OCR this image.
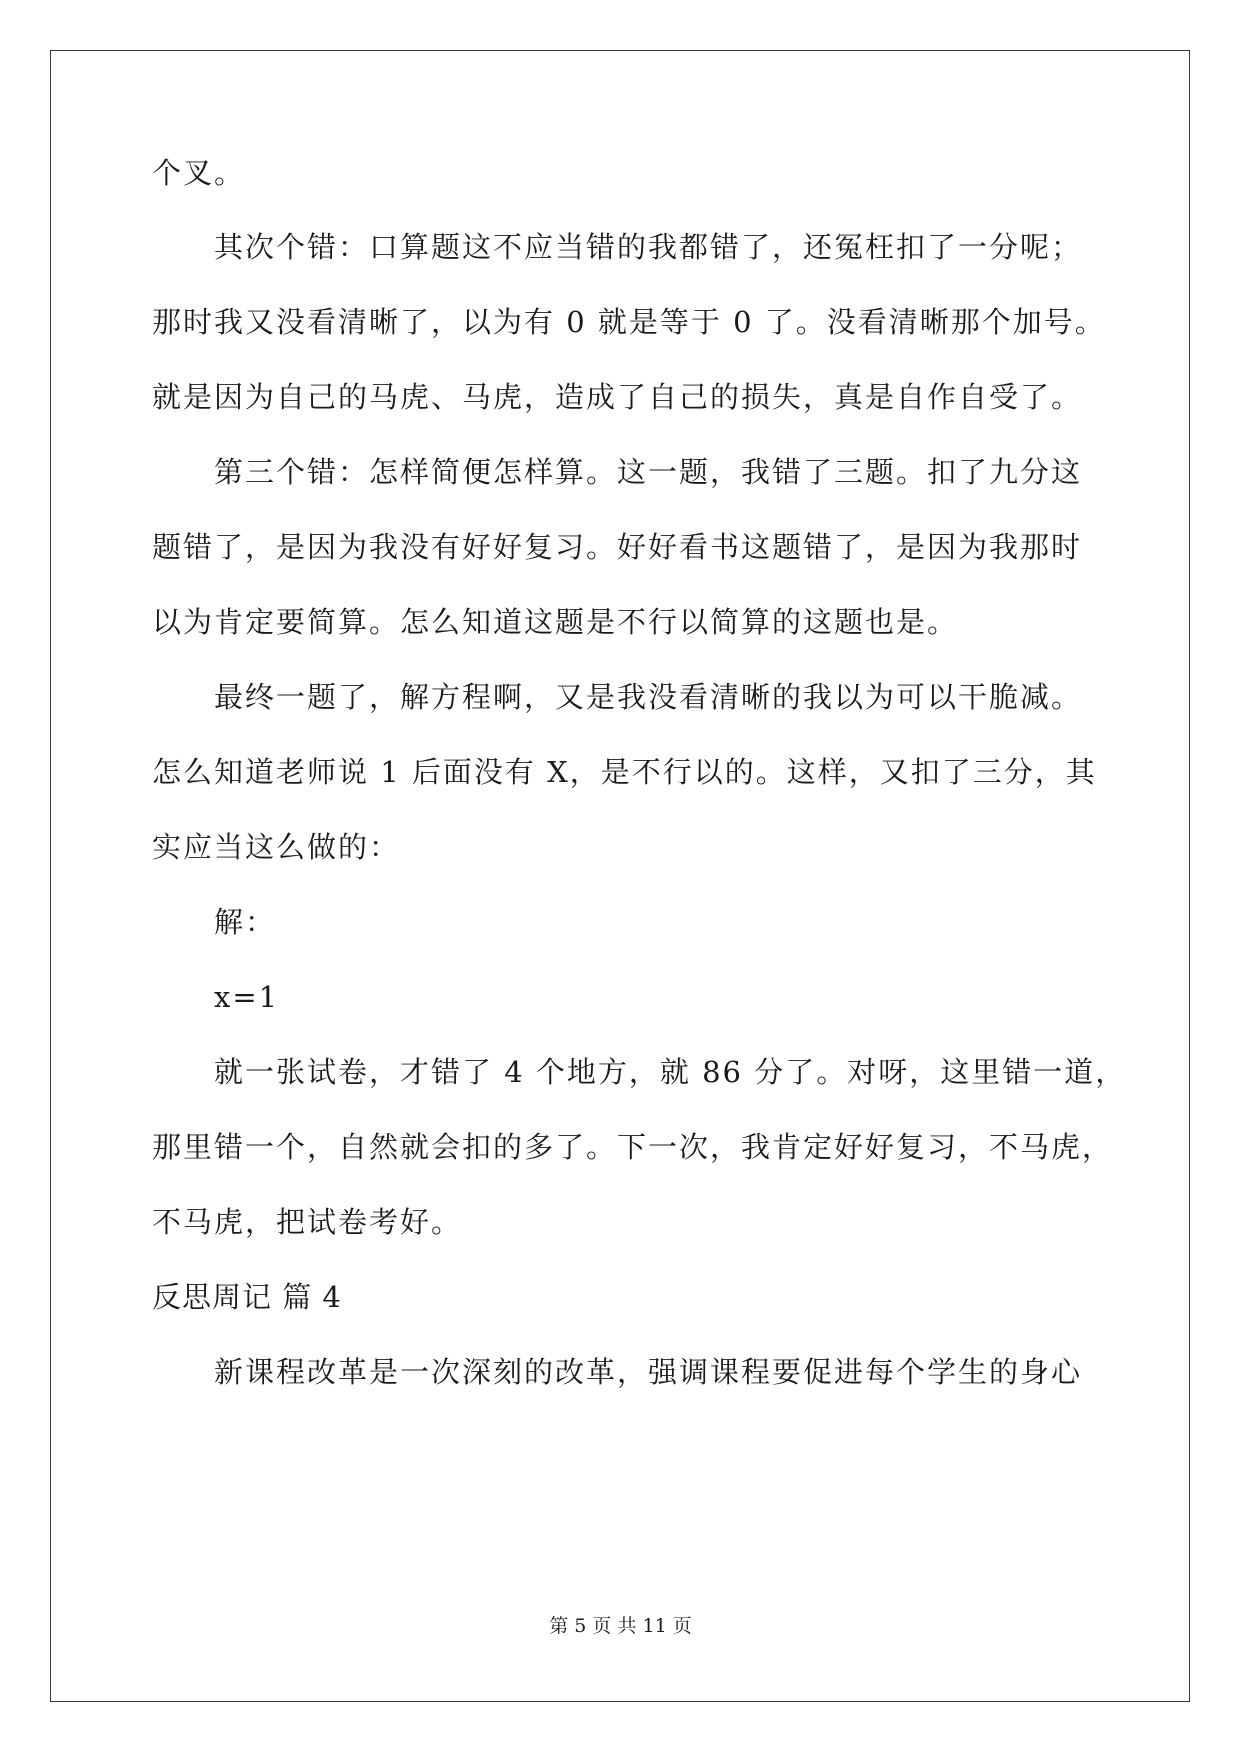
个叉。
其次个错：口算题这不应当错的我都错了，还冤枉扣了一分呢；
那时我又没看清晰了，以为有 0 就是等于 0 了。没看清晰那个加号。
就是因为自己的马虎、马虎，造成了自己的损失，真是自作自受了。
第三个错：怎样简便怎样算。这一题，我错了三题。扣了九分这
题错了，是因为我没有好好复习。好好看书这题错了，是因为我那时
以为肯定要简算。怎么知道这题是不行以简算的这题也是。
最终一题了，解方程啊，又是我没看清晰的我以为可以干脆减。
怎么知道老师说 1 后面没有 X，是不行以的。这样，又扣了三分，其
实应当这么做的：
解：
x=1
就一张试卷，才错了 4 个地方，就 86 分了。对呀，这里错一道，
那里错一个，自然就会扣的多了。下一次，我肯定好好复习，不马虎，
不马虎，把试卷考好。
反思周记 篇 4
新课程改革是一次深刻的改革，强调课程要促进每个学生的身心
第 5 页 共 11 页
